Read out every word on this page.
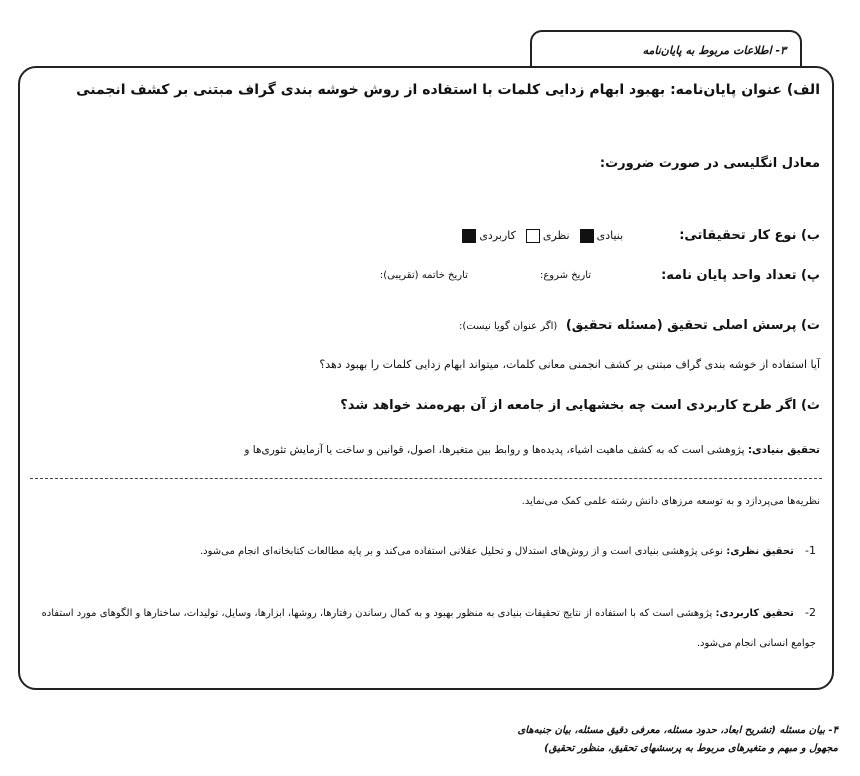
۳- اطلاعات مربوط به پایان‌نامه
الف) عنوان پایان‌نامه: بهبود ابهام زدایی کلمات با استفاده از روش خوشه بندی گراف مبتنی بر کشف انجمنی
معادل انگلیسی در صورت ضرورت:
ب) نوع کار تحقیقاتی:
بنیادی
نظری
کاربردی
پ) تعداد واحد پایان نامه:
تاریخ شروع:
تاریخ خاتمه (تقریبی):
ت) پرسش اصلی تحقیق (مسئله تحقیق) (اگر عنوان گویا نیست):
آیا استفاده از خوشه بندی گراف مبتنی بر کشف انجمنی معانی کلمات، میتواند ابهام زدایی کلمات را بهبود دهد؟
ث) اگر طرح کاربردی است چه بخشهایی از جامعه از آن بهره‌مند خواهد شد؟
تحقیق بنیادی: پژوهشی است که به کشف ماهیت اشیاء، پدیده‌ها و روابط بین متغیرها، اصول، قوانین و ساخت یا آزمایش تئوری‌ها و
نظریه‌ها می‌پردازد و به توسعه مرزهای دانش رشته علمی کمک می‌نماید.
1- تحقیق نظری: نوعی پژوهشی بنیادی است و از روش‌های استدلال و تحلیل عقلانی استفاده می‌کند و بر پایه مطالعات کتابخانه‌ای انجام می‌شود.
2- تحقیق کاربردی: پژوهشی است که با استفاده از نتایج تحقیقات بنیادی به منظور بهبود و به کمال رساندن رفتارها، روشها، ابزارها، وسایل، تولیدات، ساختارها و الگوهای مورد استفاده جوامع انسانی انجام می‌شود.
۴- بیان مسئله (تشریح ابعاد، حدود مسئله، معرفی دقیق مسئله، بیان جنبه‌های
مجهول و مبهم و متغیرهای مربوط به پرسشهای تحقیق، منظور تحقیق)
